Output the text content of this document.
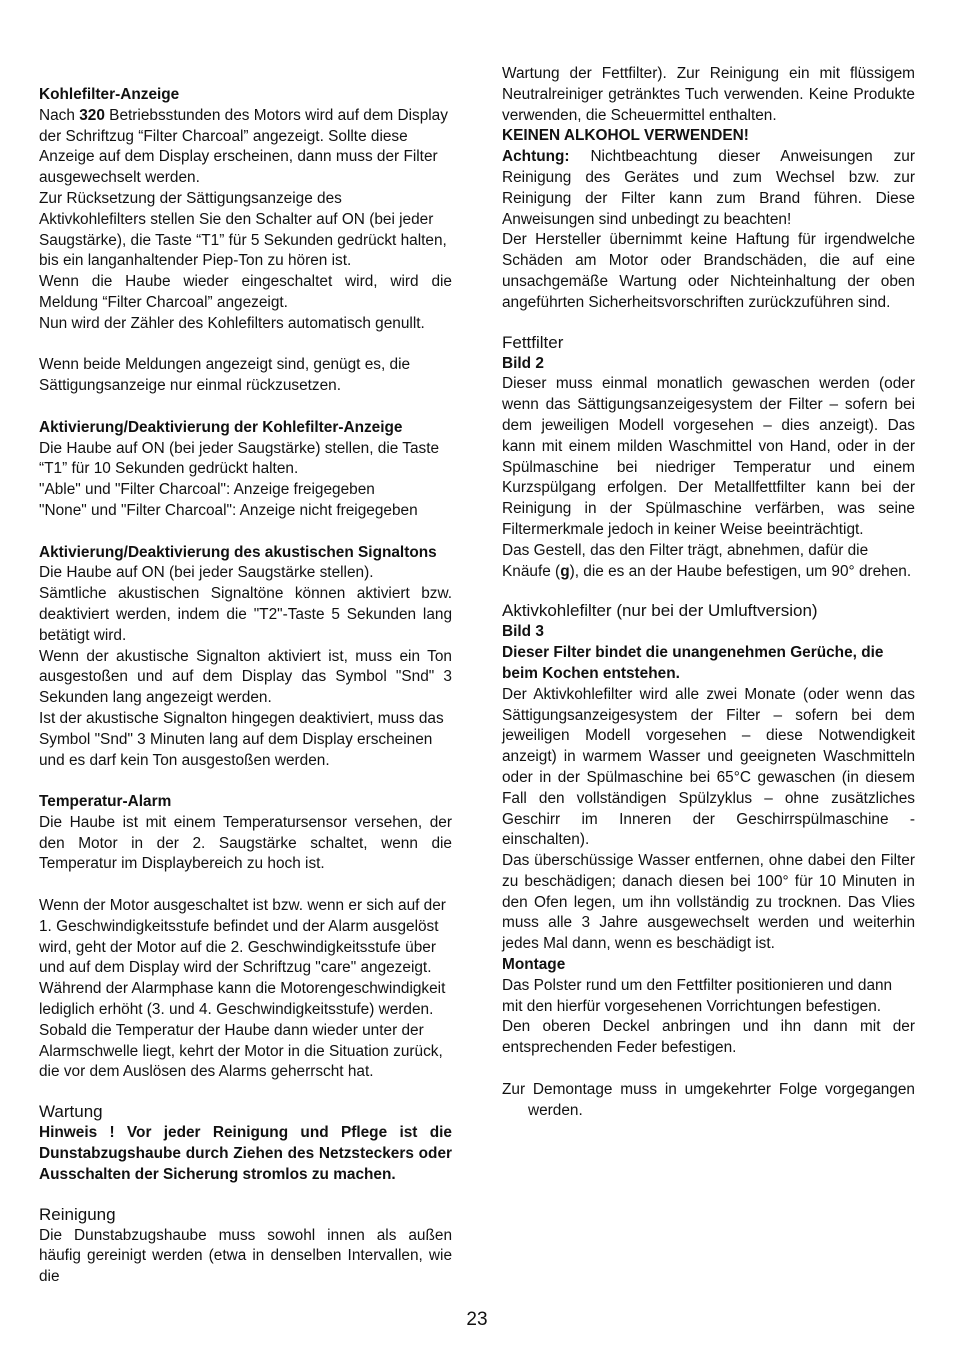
Kohlefilter-Anzeige

Nach 320 Betriebsstunden des Motors wird auf dem Display der Schriftzug “Filter Charcoal” angezeigt. Sollte diese Anzeige auf dem Display erscheinen, dann muss der Filter ausgewechselt werden.

Zur Rücksetzung der Sättigungsanzeige des Aktivkohlefilters stellen Sie den Schalter auf ON (bei jeder Saugstärke), die Taste “T1” für 5 Sekunden gedrückt halten, bis ein langanhaltender Piep-Ton zu hören ist.

Wenn die Haube wieder eingeschaltet wird, wird die Meldung “Filter Charcoal” angezeigt.

Nun wird der Zähler des Kohlefilters automatisch genullt.

Wenn beide Meldungen angezeigt sind, genügt es, die Sättigungsanzeige nur einmal rückzusetzen.

Aktivierung/Deaktivierung der Kohlefilter-Anzeige

Die Haube auf ON (bei jeder Saugstärke) stellen, die Taste “T1” für 10 Sekunden gedrückt halten.

"Able" und "Filter Charcoal": Anzeige freigegeben

"None" und "Filter Charcoal": Anzeige nicht freigegeben

Aktivierung/Deaktivierung des akustischen Signaltons

Die Haube auf ON (bei jeder Saugstärke stellen).

Sämtliche akustischen Signaltöne können aktiviert bzw. deaktiviert werden, indem die "T2"-Taste 5 Sekunden lang betätigt wird.

Wenn der akustische Signalton aktiviert ist, muss ein Ton ausgestoßen und auf dem Display das Symbol "Snd" 3 Sekunden lang angezeigt werden.

Ist der akustische Signalton hingegen deaktiviert, muss das Symbol "Snd" 3 Minuten lang auf dem Display erscheinen und es darf kein Ton ausgestoßen werden.

Temperatur-Alarm

Die Haube ist mit einem Temperatursensor versehen, der den Motor in der 2. Saugstärke schaltet, wenn die Temperatur im Displaybereich zu hoch ist.

Wenn der Motor ausgeschaltet ist bzw. wenn er sich auf der 1. Geschwindigkeitsstufe befindet und der Alarm ausgelöst wird, geht der Motor auf die 2. Geschwindigkeitsstufe über und auf dem Display wird der Schriftzug "care" angezeigt. Während der Alarmphase kann die Motorengeschwindigkeit lediglich erhöht (3. und 4. Geschwindigkeitsstufe) werden. Sobald die Temperatur der Haube dann wieder unter der Alarmschwelle liegt, kehrt der Motor in die Situation zurück, die vor dem Auslösen des Alarms geherrscht hat.

Wartung

Hinweis ! Vor jeder Reinigung und Pflege ist die Dunstabzugshaube durch Ziehen des Netzsteckers oder Ausschalten der Sicherung stromlos zu machen.

Reinigung

Die Dunstabzugshaube muss sowohl innen als außen häufig gereinigt werden (etwa in denselben Intervallen, wie die

Wartung der Fettfilter). Zur Reinigung ein mit flüssigem Neutralreiniger getränktes Tuch verwenden. Keine Produkte verwenden, die Scheuermittel enthalten.

KEINEN ALKOHOL VERWENDEN!

Achtung: Nichtbeachtung dieser Anweisungen zur Reinigung des Gerätes und zum Wechsel bzw. zur Reinigung der Filter kann zum Brand führen. Diese Anweisungen sind unbedingt zu beachten!

Der Hersteller übernimmt keine Haftung für irgendwelche Schäden am Motor oder Brandschäden, die auf eine unsachgemäße Wartung oder Nichteinhaltung der oben angeführten Sicherheitsvorschriften zurückzuführen sind.

Fettfilter

Bild 2

Dieser muss einmal monatlich gewaschen werden (oder wenn das Sättigungsanzeigesystem der Filter – sofern bei dem jeweiligen Modell vorgesehen – dies anzeigt). Das kann mit einem milden Waschmittel von Hand, oder in der Spülmaschine bei niedriger Temperatur und einem Kurzspülgang erfolgen. Der Metallfettfilter kann bei der Reinigung in der Spülmaschine verfärben, was seine Filtermerkmale jedoch in keiner Weise beeinträchtigt.

Das Gestell, das den Filter trägt, abnehmen, dafür die Knäufe (g), die es an der Haube befestigen, um 90° drehen.

Aktivkohlefilter (nur bei der Umluftversion)

Bild 3

Dieser Filter bindet die unangenehmen Gerüche, die beim Kochen entstehen.

Der Aktivkohlefilter wird alle zwei Monate (oder wenn das Sättigungsanzeigesystem der Filter – sofern bei dem jeweiligen Modell vorgesehen – diese Notwendigkeit anzeigt) in warmem Wasser und geeigneten Waschmitteln oder in der Spülmaschine bei 65°C gewaschen (in diesem Fall den vollständigen Spülzyklus – ohne zusätzliches Geschirr im Inneren der Geschirrspülmaschine - einschalten).

Das überschüssige Wasser entfernen, ohne dabei den Filter zu beschädigen; danach diesen bei 100° für 10 Minuten in den Ofen legen, um ihn vollständig zu trocknen. Das Vlies muss alle 3 Jahre ausgewechselt werden und weiterhin jedes Mal dann, wenn es beschädigt ist.

Montage

Das Polster rund um den Fettfilter positionieren und dann mit den hierfür vorgesehenen Vorrichtungen befestigen.

Den oberen Deckel anbringen und ihn dann mit der entsprechenden Feder befestigen.

Zur Demontage muss in umgekehrter Folge vorgegangen werden.

23
